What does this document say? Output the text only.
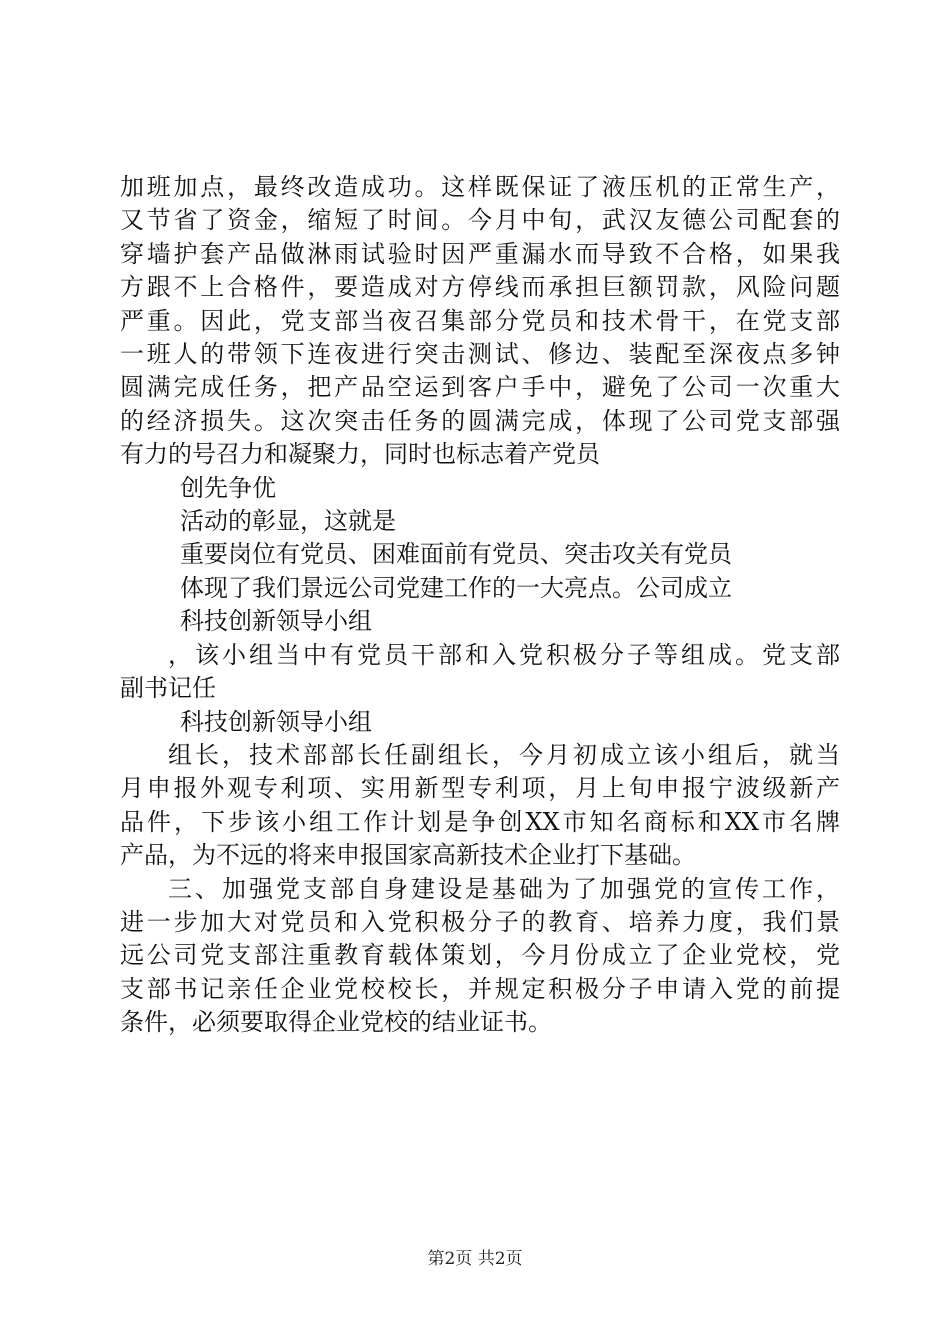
加班加点，最终改造成功。这样既保证了液压机的正常生产，
又节省了资金，缩短了时间。今月中旬，武汉友德公司配套的
穿墙护套产品做淋雨试验时因严重漏水而导致不合格，如果我
方跟不上合格件，要造成对方停线而承担巨额罚款，风险问题
严重。因此，党支部当夜召集部分党员和技术骨干，在党支部
一班人的带领下连夜进行突击测试、修边、装配至深夜点多钟
圆满完成任务，把产品空运到客户手中，避免了公司一次重大
的经济损失。这次突击任务的圆满完成，体现了公司党支部强
有力的号召力和凝聚力，同时也标志着产党员
创先争优
活动的彰显，这就是
重要岗位有党员、困难面前有党员、突击攻关有党员
体现了我们景远公司党建工作的一大亮点。公司成立
科技创新领导小组
，该小组当中有党员干部和入党积极分子等组成。党支部
副书记任
科技创新领导小组
组长，技术部部长任副组长，今月初成立该小组后，就当
月申报外观专利项、实用新型专利项，月上旬申报宁波级新产
品件，下步该小组工作计划是争创XX市知名商标和XX市名牌
产品，为不远的将来申报国家高新技术企业打下基础。
三、加强党支部自身建设是基础为了加强党的宣传工作，
进一步加大对党员和入党积极分子的教育、培养力度，我们景
远公司党支部注重教育载体策划，今月份成立了企业党校，党
支部书记亲任企业党校校长，并规定积极分子申请入党的前提
条件，必须要取得企业党校的结业证书。
第2页 共2页
